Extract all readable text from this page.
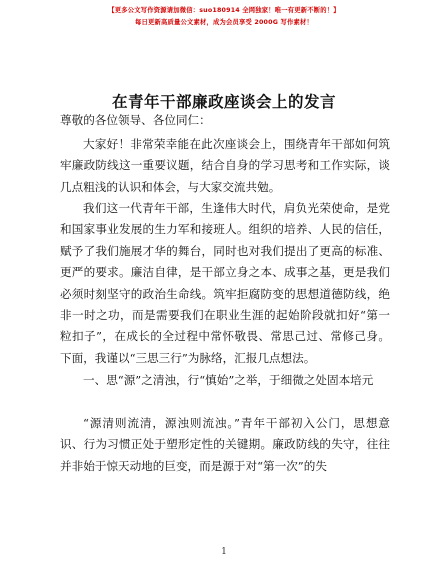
【更多公文写作资源请加微信：suo180914 全网独家！唯一有更新不断的！】
每日更新高质量公文素材，成为会员享受 2000G 写作素材！
在青年干部廉政座谈会上的发言

尊敬的各位领导、各位同仁：

大家好！非常荣幸能在此次座谈会上，围绕青年干部如何筑牢廉政防线这一重要议题，结合自身的学习思考和工作实际，谈几点粗浅的认识和体会，与大家交流共勉。

我们这一代青年干部，生逢伟大时代，肩负光荣使命，是党和国家事业发展的生力军和接班人。组织的培养、人民的信任，赋予了我们施展才华的舞台，同时也对我们提出了更高的标准、更严的要求。廉洁自律，是干部立身之本、成事之基，更是我们必须时刻坚守的政治生命线。筑牢拒腐防变的思想道德防线，绝非一时之功，而是需要我们在职业生涯的起始阶段就扣好“第一粒扣子”，在成长的全过程中常怀敬畏、常思己过、常修己身。下面，我谨以“三思三行”为脉络，汇报几点想法。

一、思“源”之清浊，行“慎始”之举，于细微之处固本培元

“源清则流清，源浊则流浊。”青年干部初入公门，思想意识、行为习惯正处于塑形定性的关键期。廉政防线的失守，往往并非始于惊天动地的巨变，而是源于对“第一次”的失

1
